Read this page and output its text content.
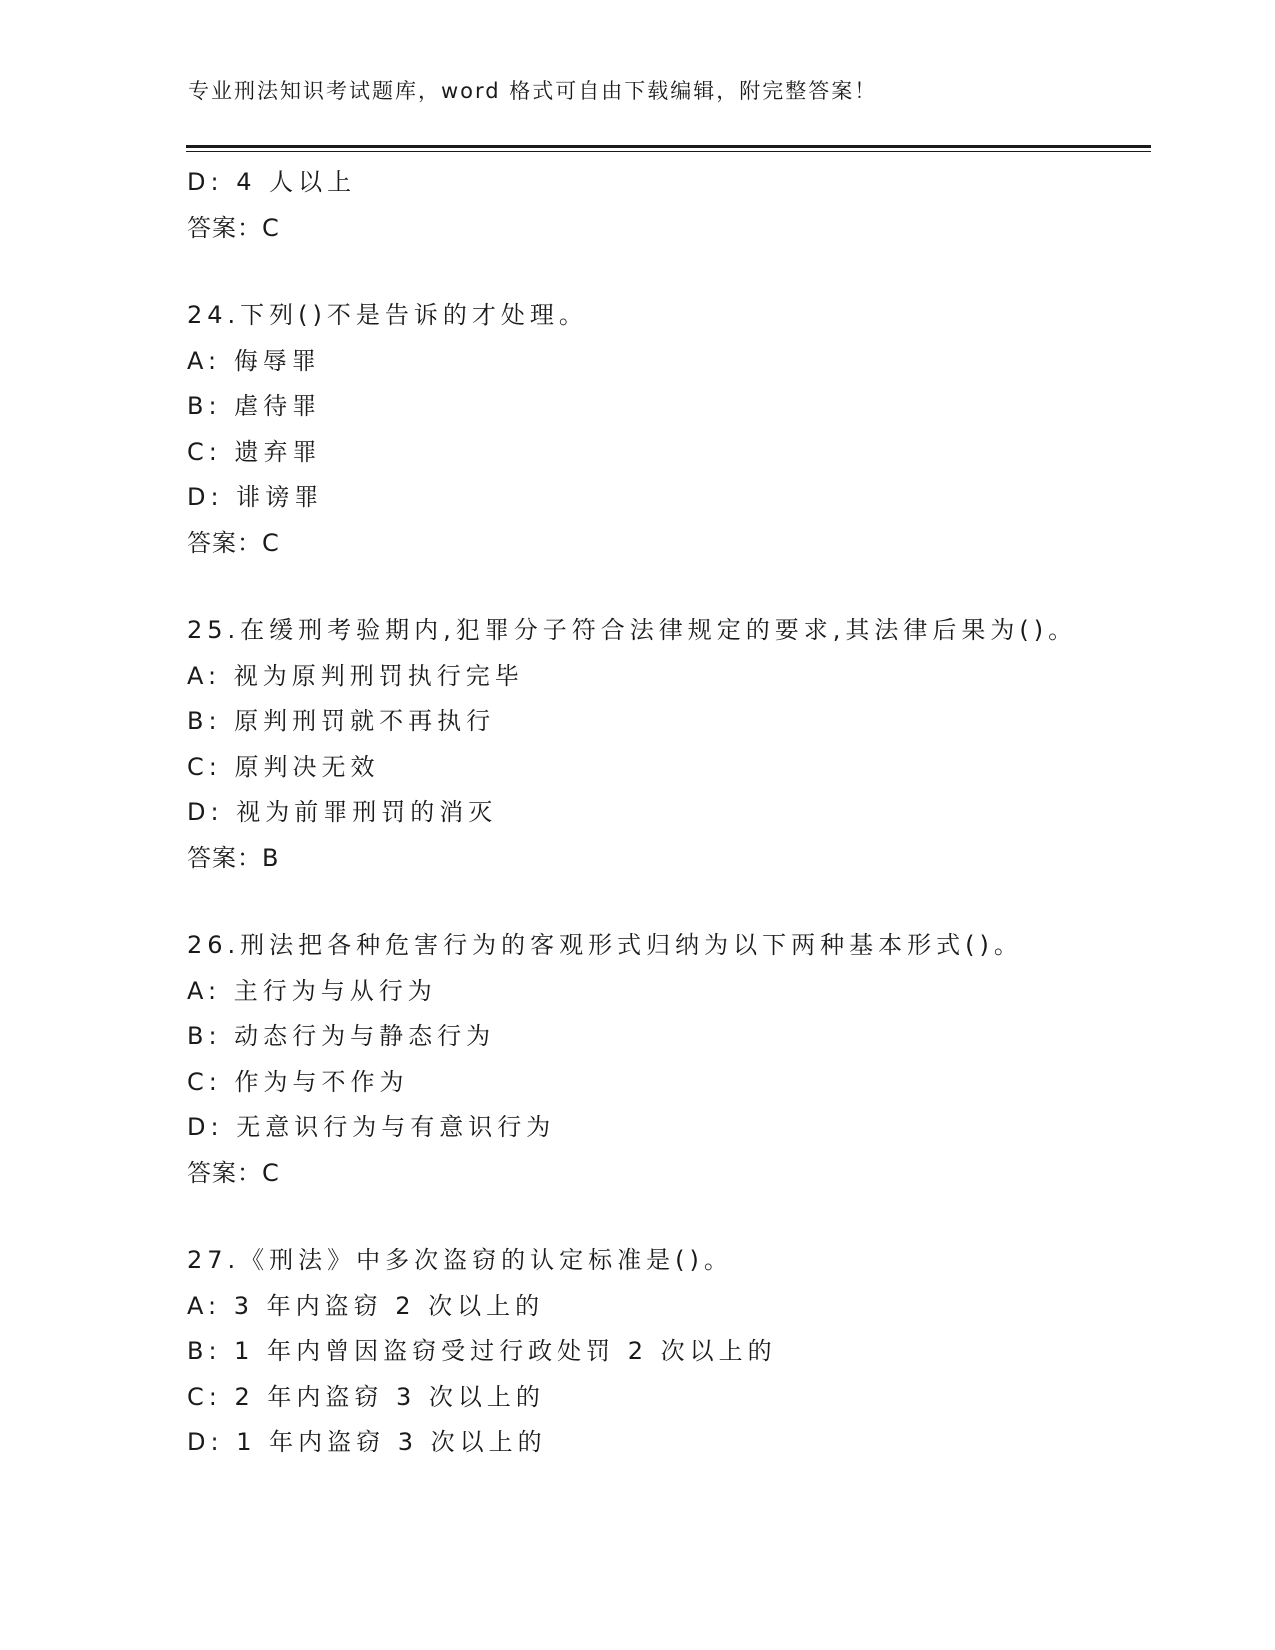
专业刑法知识考试题库，word 格式可自由下载编辑，附完整答案！
D: 4 人以上
答案：C
24.下列()不是告诉的才处理。
A: 侮辱罪
B: 虐待罪
C: 遗弃罪
D: 诽谤罪
答案：C
25.在缓刑考验期内,犯罪分子符合法律规定的要求,其法律后果为()。
A: 视为原判刑罚执行完毕
B: 原判刑罚就不再执行
C: 原判决无效
D: 视为前罪刑罚的消灭
答案：B
26.刑法把各种危害行为的客观形式归纳为以下两种基本形式()。
A: 主行为与从行为
B: 动态行为与静态行为
C: 作为与不作为
D: 无意识行为与有意识行为
答案：C
27.《刑法》中多次盗窃的认定标准是()。
A: 3 年内盗窃 2 次以上的
B: 1 年内曾因盗窃受过行政处罚 2 次以上的
C: 2 年内盗窃 3 次以上的
D: 1 年内盗窃 3 次以上的
